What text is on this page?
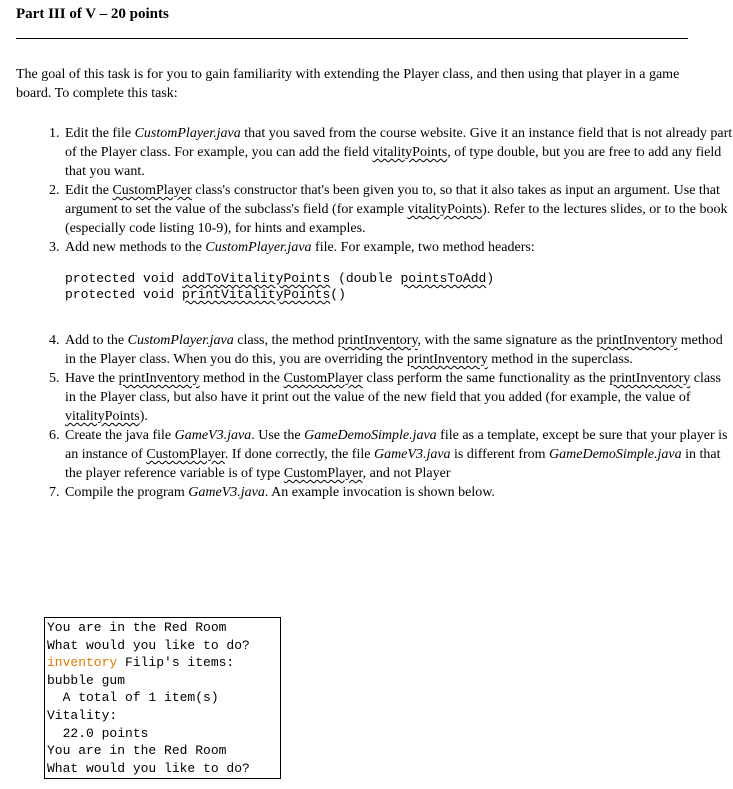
Part III of V – 20 points
The goal of this task is for you to gain familiarity with extending the Player class, and then using that player in a game board. To complete this task:
1. Edit the file CustomPlayer.java that you saved from the course website. Give it an instance field that is not already part of the Player class. For example, you can add the field vitalityPoints, of type double, but you are free to add any field that you want.
2. Edit the CustomPlayer class's constructor that's been given you to, so that it also takes as input an argument. Use that argument to set the value of the subclass's field (for example vitalityPoints). Refer to the lectures slides, or to the book (especially code listing 10-9), for hints and examples.
3. Add new methods to the CustomPlayer.java file. For example, two method headers:
protected void addToVitalityPoints (double pointsToAdd)
protected void printVitalityPoints()
4. Add to the CustomPlayer.java class, the method printInventory, with the same signature as the printInventory method in the Player class. When you do this, you are overriding the printInventory method in the superclass.
5. Have the printInventory method in the CustomPlayer class perform the same functionality as the printInventory class in the Player class, but also have it print out the value of the new field that you added (for example, the value of vitalityPoints).
6. Create the java file GameV3.java. Use the GameDemoSimple.java file as a template, except be sure that your player is an instance of CustomPlayer. If done correctly, the file GameV3.java is different from GameDemoSimple.java in that the player reference variable is of type CustomPlayer, and not Player
7. Compile the program GameV3.java. An example invocation is shown below.
You are in the Red Room
What would you like to do?
inventory Filip's items:
bubble gum
A total of 1 item(s)
Vitality:
22.0 points
You are in the Red Room
What would you like to do?
